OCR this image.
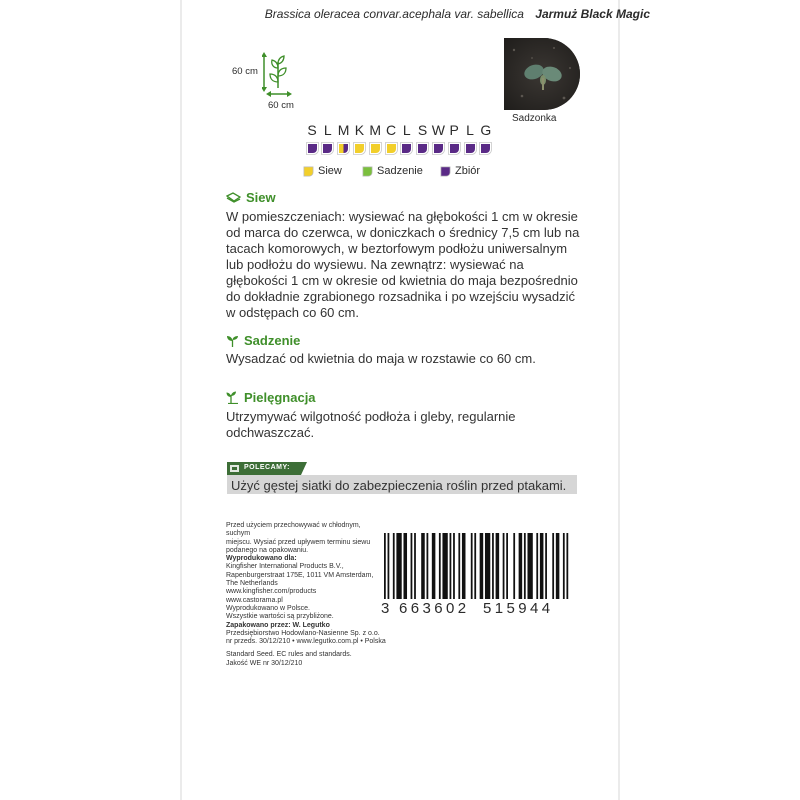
Brassica oleracea convar.acephala var. sabellica Jarmuż Black Magic
60 cm
60 cm
Sadzonka
S L M K M C L S W P L G
Siew	Sadzenie	Zbiór
Siew
W pomieszczeniach: wysiewać na głębokości 1 cm w okresie
od marca do czerwca, w doniczkach o średnicy 7,5 cm lub na
tacach komorowych, w beztorfowym podłożu uniwersalnym
lub podłożu do wysiewu. Na zewnątrz: wysiewać na
głębokości 1 cm w okresie od kwietnia do maja bezpośrednio
do dokładnie zgrabionego rozsadnika i po wzejściu wysadzić
w odstępach co 60 cm.
Sadzenie
Wysadzać od kwietnia do maja w rozstawie co 60 cm.
Pielęgnacja
Utrzymywać wilgotność podłoża i gleby, regularnie
odchwaszczać.
POLECAMY:
Użyć gęstej siatki do zabezpieczenia roślin przed ptakami.
Przed użyciem przechowywać w chłodnym, suchym
miejscu. Wysiać przed upływem terminu siewu
podanego na opakowaniu.
Wyprodukowano dla:
Kingfisher International Products B.V.,
Rapenburgerstraat 175E, 1011 VM Amsterdam,
The Netherlands
www.kingfisher.com/products
www.castorama.pl
Wyprodukowano w Polsce.
Wszystkie wartości są przybliżone.
Zapakowano przez: W. Legutko
Przedsiębiorstwo Hodowlano-Nasienne Sp. z o.o.
nr przeds. 30/12/210 • www.legutko.com.pl • Polska

Standard Seed. EC rules and standards.
Jakość WE nr 30/12/210
3 663602 515944
